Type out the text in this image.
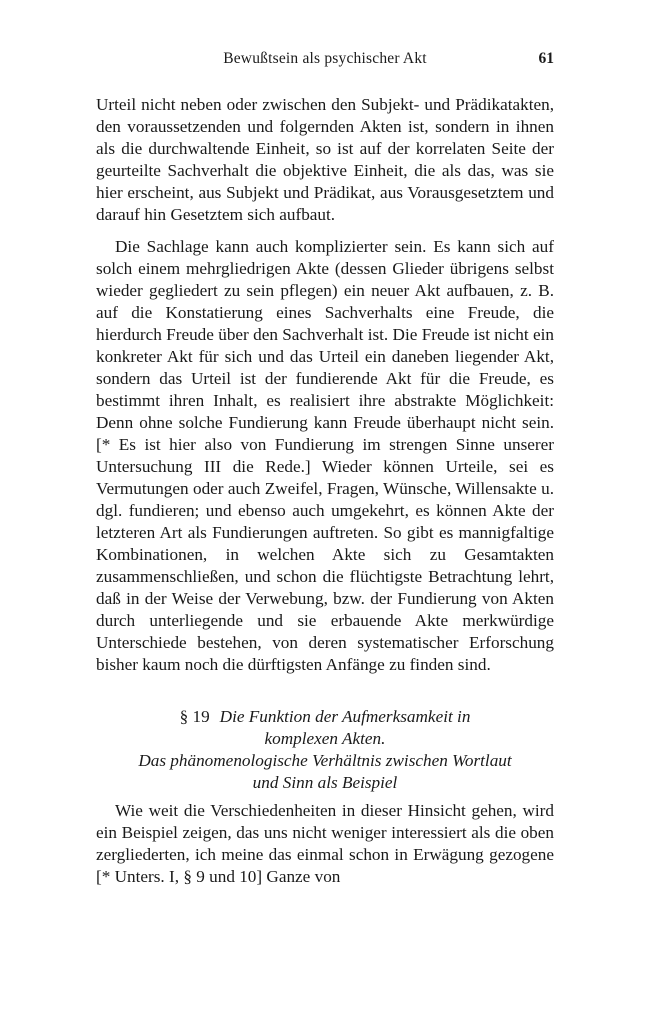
Bewußtsein als psychischer Akt	61

Urteil nicht neben oder zwischen den Subjekt- und Prädikatakten, den voraussetzenden und folgernden Akten ist, sondern in ihnen als die durchwaltende Einheit, so ist auf der korrelaten Seite der geurteilte Sachverhalt die objektive Einheit, die als das, was sie hier erscheint, aus Subjekt und Prädikat, aus Vorausgesetztem und darauf hin Gesetztem sich aufbaut.

Die Sachlage kann auch komplizierter sein. Es kann sich auf solch einem mehrgliedrigen Akte (dessen Glieder übrigens selbst wieder gegliedert zu sein pflegen) ein neuer Akt aufbauen, z. B. auf die Konstatierung eines Sachverhalts eine Freude, die hierdurch Freude über den Sachverhalt ist. Die Freude ist nicht ein konkreter Akt für sich und das Urteil ein daneben liegender Akt, sondern das Urteil ist der fundierende Akt für die Freude, es bestimmt ihren Inhalt, es realisiert ihre abstrakte Möglichkeit: Denn ohne solche Fundierung kann Freude überhaupt nicht sein. [* Es ist hier also von Fundierung im strengen Sinne unserer Untersuchung III die Rede.] Wieder können Urteile, sei es Vermutungen oder auch Zweifel, Fragen, Wünsche, Willensakte u. dgl. fundieren; und ebenso auch umgekehrt, es können Akte der letzteren Art als Fundierungen auftreten. So gibt es mannigfaltige Kombinationen, in welchen Akte sich zu Gesamtakten zusammenschließen, und schon die flüchtigste Betrachtung lehrt, daß in der Weise der Verwebung, bzw. der Fundierung von Akten durch unterliegende und sie erbauende Akte merkwürdige Unterschiede bestehen, von deren systematischer Erforschung bisher kaum noch die dürftigsten Anfänge zu finden sind.

§ 19 Die Funktion der Aufmerksamkeit in
komplexen Akten.
Das phänomenologische Verhältnis zwischen Wortlaut
und Sinn als Beispiel

Wie weit die Verschiedenheiten in dieser Hinsicht gehen, wird ein Beispiel zeigen, das uns nicht weniger interessiert als die oben zergliederten, ich meine das einmal schon in Erwägung gezogene [* Unters. I, § 9 und 10] Ganze von
